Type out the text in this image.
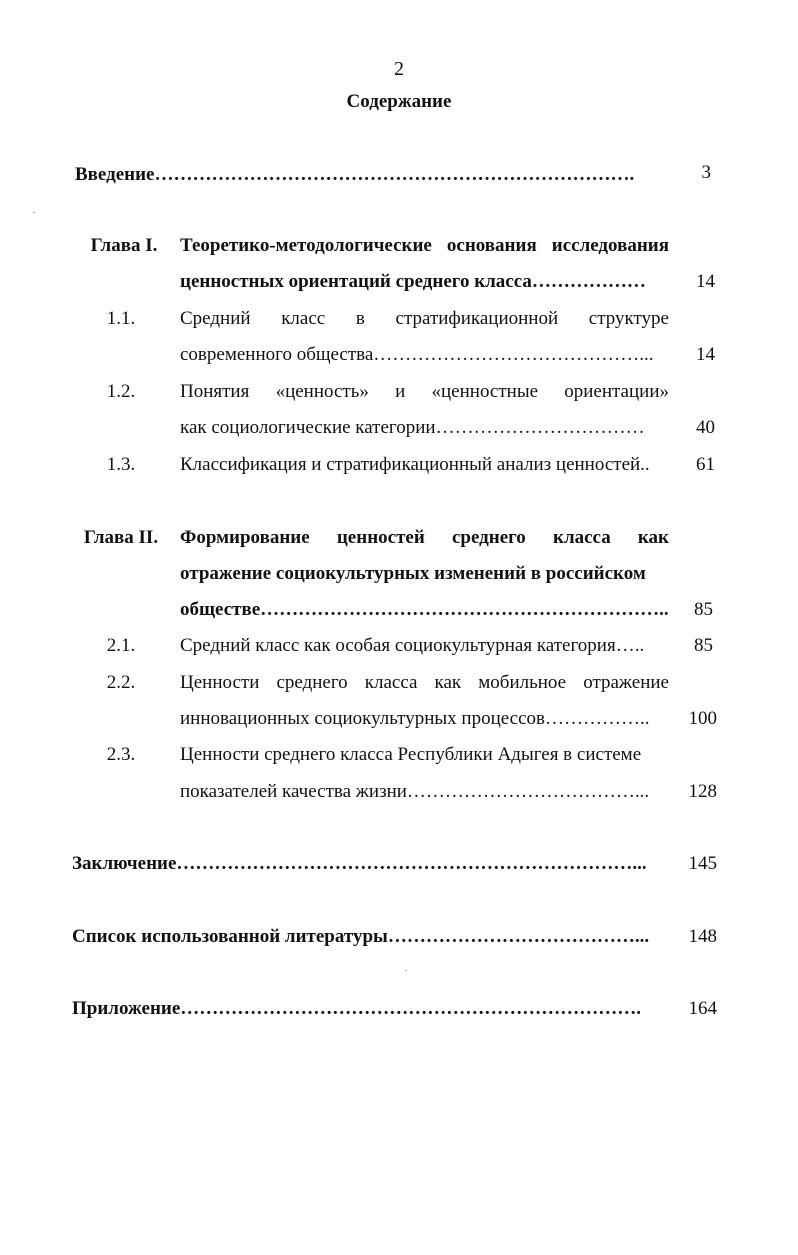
2
Содержание
Введение………………………………………………………………….	3
Глава I.	Теоретико-методологические основания исследования
ценностных ориентаций среднего класса………………	14
1.1.	Средний класс в стратификационной структуре
современного общества……………………………………...	14
1.2.	Понятия «ценность» и «ценностные ориентации»
как социологические категории……………………………	40
1.3.	Классификация и стратификационный анализ ценностей..	61
Глава II.	Формирование ценностей среднего класса как
отражение социокультурных изменений в российском
обществе………………………………………………………..	85
2.1.	Средний класс как особая социокультурная категория…..	85
2.2.	Ценности среднего класса как мобильное отражение
инновационных социокультурных процессов……………..	100
2.3.	Ценности среднего класса Республики Адыгея в системе
показателей качества жизни………………………………...	128
Заключение………………………………………………………………...	145
Список использованной литературы…………………………………...	148
Приложение……………………………………………………………….	164
